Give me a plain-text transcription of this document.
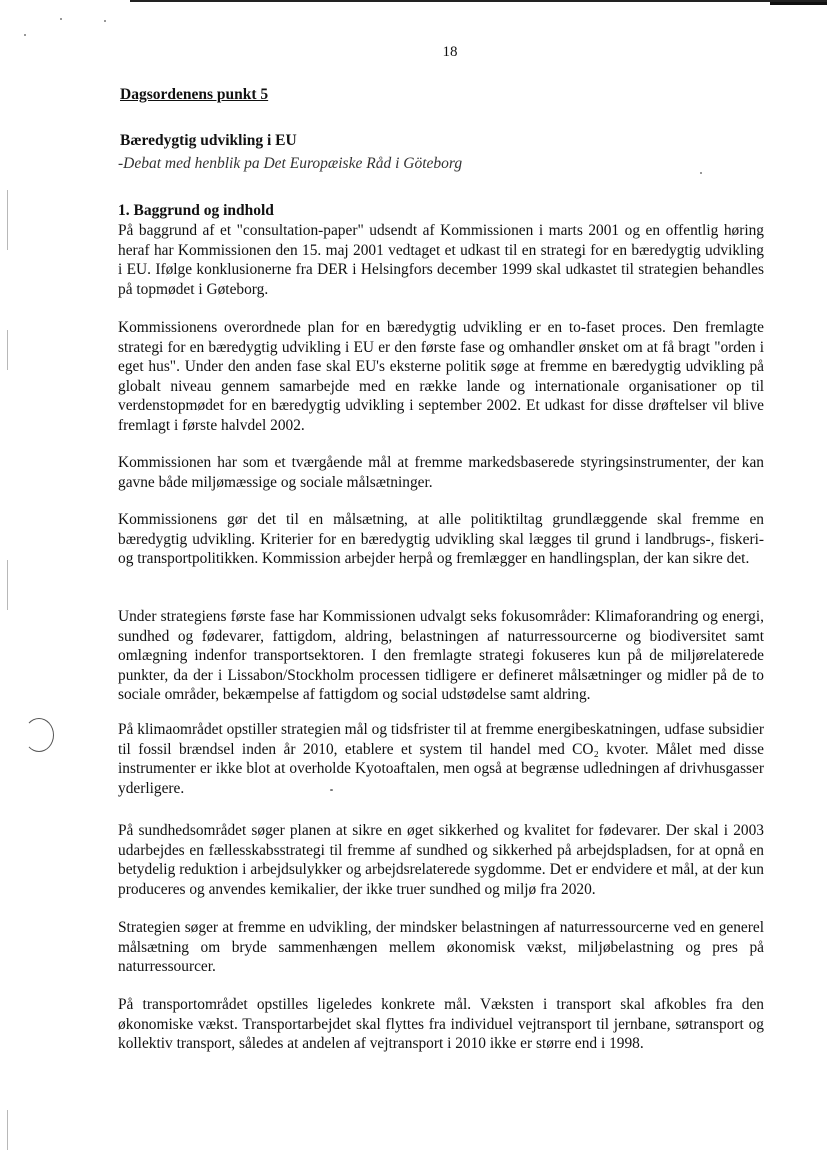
18
Dagsordenens punkt 5
Bæredygtig udvikling i EU
-Debat med henblik pa Det Europæiske Råd i Göteborg
1. Baggrund og indhold

På baggrund af et "consultation-paper" udsendt af Kommissionen i marts 2001 og en offentlig høring heraf har Kommissionen den 15. maj 2001 vedtaget et udkast til en strategi for en bæredygtig udvikling i EU. Ifølge konklusionerne fra DER i Helsingfors december 1999 skal udkastet til strategien behandles på topmødet i Gøteborg.

Kommissionens overordnede plan for en bæredygtig udvikling er en to-faset proces. Den fremlagte strategi for en bæredygtig udvikling i EU er den første fase og omhandler ønsket om at få bragt "orden i eget hus". Under den anden fase skal EU's eksterne politik søge at fremme en bæredygtig udvikling på globalt niveau gennem samarbejde med en række lande og internationale organisationer op til verdenstopmødet for en bæredygtig udvikling i september 2002. Et udkast for disse drøftelser vil blive fremlagt i første halvdel 2002.

Kommissionen har som et tværgående mål at fremme markedsbaserede styringsinstrumenter, der kan gavne både miljømæssige og sociale målsætninger.

Kommissionens gør det til en målsætning, at alle politiktiltag grundlæggende skal fremme en bæredygtig udvikling. Kriterier for en bæredygtig udvikling skal lægges til grund i landbrugs-, fiskeri- og transportpolitikken. Kommission arbejder herpå og fremlægger en handlingsplan, der kan sikre det.

Under strategiens første fase har Kommissionen udvalgt seks fokusområder: Klimaforandring og energi, sundhed og fødevarer, fattigdom, aldring, belastningen af naturressourcerne og biodiversitet samt omlægning indenfor transportsektoren. I den fremlagte strategi fokuseres kun på de miljørelaterede punkter, da der i Lissabon/Stockholm processen tidligere er defineret målsætninger og midler på de to sociale områder, bekæmpelse af fattigdom og social udstødelse samt aldring.

På klimaområdet opstiller strategien mål og tidsfrister til at fremme energibeskatningen, udfase subsidier til fossil brændsel inden år 2010, etablere et system til handel med CO₂ kvoter. Målet med disse instrumenter er ikke blot at overholde Kyotoaftalen, men også at begrænse udledningen af drivhusgasser yderligere.

På sundhedsområdet søger planen at sikre en øget sikkerhed og kvalitet for fødevarer. Der skal i 2003 udarbejdes en fællesskabsstrategi til fremme af sundhed og sikkerhed på arbejdspladsen, for at opnå en betydelig reduktion i arbejdsulykker og arbejdsrelaterede sygdomme. Det er endvidere et mål, at der kun produceres og anvendes kemikalier, der ikke truer sundhed og miljø fra 2020.

Strategien søger at fremme en udvikling, der mindsker belastningen af naturressourcerne ved en generel målsætning om bryde sammenhængen mellem økonomisk vækst, miljøbelastning og pres på naturressourcer.

På transportområdet opstilles ligeledes konkrete mål. Væksten i transport skal afkobles fra den økonomiske vækst. Transportarbejdet skal flyttes fra individuel vejtransport til jernbane, søtransport og kollektiv transport, således at andelen af vejtransport i 2010 ikke er større end i 1998.
